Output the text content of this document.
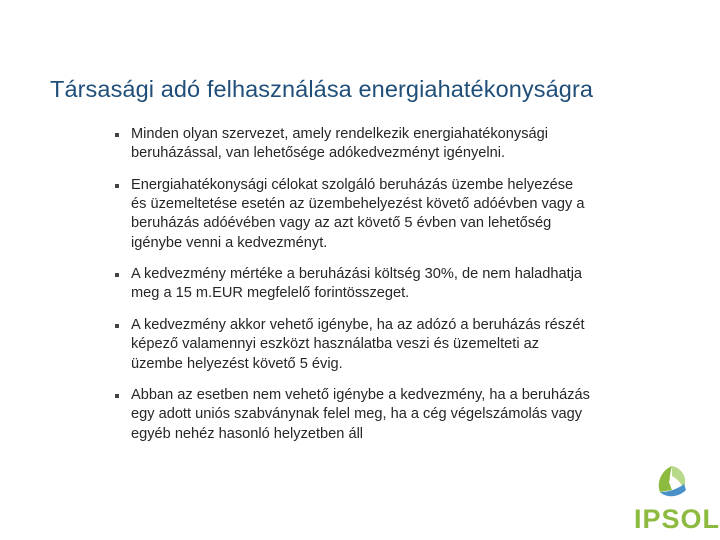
Társasági adó felhasználása energiahatékonyságra
Minden olyan szervezet, amely rendelkezik energiahatékonysági beruházással, van lehetősége adókedvezményt igényelni.
Energiahatékonysági célokat szolgáló beruházás üzembe helyezése és üzemeltetése esetén az üzembehelyezést követő adóévben vagy a beruházás adóévében vagy az azt követő 5 évben van lehetőség igénybe venni a kedvezményt.
A kedvezmény mértéke a beruházási költség 30%, de nem haladhatja meg a 15 m.EUR megfelelő forintösszeget.
A kedvezmény akkor vehető igénybe, ha az adózó a beruházás részét képező valamennyi eszközt használatba veszi és üzemelteti az üzembe helyezést követő 5 évig.
Abban az esetben nem vehető igénybe a kedvezmény, ha a beruházás egy adott uniós szabványnak felel meg, ha a cég végelszámolás vagy egyéb nehéz hasonló helyzetben áll
IPSOL
